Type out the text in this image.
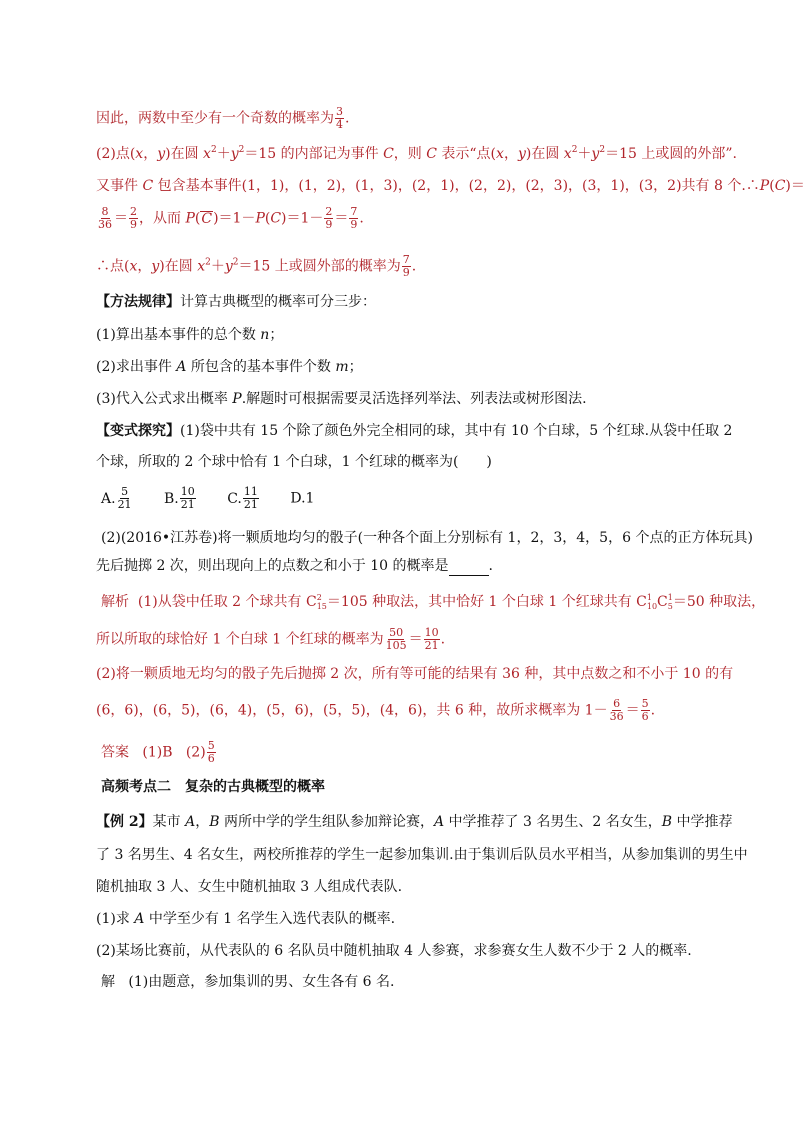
因此，两数中至少有一个奇数的概率为 $\frac{3}{4}$ .
(2)点(x，y)在圆 $x^2+y^2=15$ 的内部记为事件 C，则 C 表示“点(x，y)在圆 $x^2+y^2=15$ 上或圆的外部”.
又事件 C 包含基本事件(1，1)，(1，2)，(1，3)，(2，1)，(2，2)，(2，3)，(3，1)，(3，2)共有 8 个.∴P(C)＝
$\frac{8}{36} = \frac{2}{9}$ ，从而 $P(C)=1-P(C)=1- \frac{2}{9} = \frac{7}{9}$ .
∴点(x，y)在圆 $x^2+y^2=15$ 上或圆外部的概率为 $\frac{7}{9}$ .
【方法规律】计算古典概型的概率可分三步：
(1)算出基本事件的总个数 n；
(2)求出事件 A 所包含的基本事件个数 m；
(3)代入公式求出概率 P.解题时可根据需要灵活选择列举法、列表法或树形图法.
【变式探究】(1)袋中共有 15 个除了颜色外完全相同的球，其中有 10 个白球，5 个红球.从袋中任取 2
个球，所取的 2 个球中恰有 1 个白球，1 个红球的概率为(　　)
A. $\frac{5}{21} B$. $\frac{10}{21} C$. $\frac{11}{21} D.1$
(2)(2016•江苏卷)将一颗质地均匀的骰子(一种各个面上分别标有 1，2，3，4，5，6 个点的正方体玩具)
先后抛掷 2 次，则出现向上的点数之和小于 10 的概率是	.
解析 (1)从袋中任取 2 个球共有 C 2
15 ＝105 种取法，其中恰好 1 个白球 1 个红球共有 C 1
10 C 1
5 ＝50 种取法，
所以所取的球恰好 1 个白球 1 个红球的概率为 $\frac{50}{105} = \frac{10}{21}$ .
(2)将一颗质地无均匀的骰子先后抛掷 2 次，所有等可能的结果有 36 种，其中点数之和不小于 10 的有
(6，6)，(6，5)，(6，4)，(5，6)，(5，5)，(4，6)，共 6 种，故所求概率为 $1- \frac{6}{36} = \frac{5}{6}$ .
答案 (1)B $(2) \frac{5}{6}$
高频考点二　复杂的古典概型的概率
【例 2】某市 A，B 两所中学的学生组队参加辩论赛，A 中学推荐了 3 名男生、2 名女生，B 中学推荐
了 3 名男生、4 名女生，两校所推荐的学生一起参加集训.由于集训后队员水平相当，从参加集训的男生中
随机抽取 3 人、女生中随机抽取 3 人组成代表队.
(1)求 A 中学至少有 1 名学生入选代表队的概率.
(2)某场比赛前，从代表队的 6 名队员中随机抽取 4 人参赛，求参赛女生人数不少于 2 人的概率.
解 (1)由题意，参加集训的男、女生各有 6 名.
